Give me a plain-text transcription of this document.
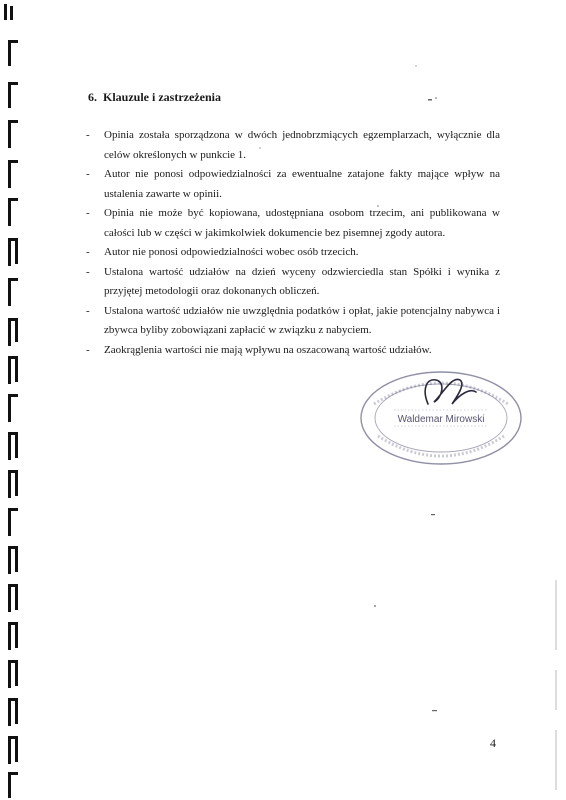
6. Klauzule i zastrzeżenia
- Opinia została sporządzona w dwóch jednobrzmiących egzemplarzach, wyłącznie dla celów określonych w punkcie 1.
- Autor nie ponosi odpowiedzialności za ewentualne zatajone fakty mające wpływ na ustalenia zawarte w opinii.
- Opinia nie może być kopiowana, udostępniana osobom trzecim, ani publikowana w całości lub w części w jakimkolwiek dokumencie bez pisemnej zgody autora.
- Autor nie ponosi odpowiedzialności wobec osób trzecich.
- Ustalona wartość udziałów na dzień wyceny odzwierciedla stan Spółki i wynika z przyjętej metodologii oraz dokonanych obliczeń.
- Ustalona wartość udziałów nie uwzględnia podatków i opłat, jakie potencjalny nabywca i zbywca byliby zobowiązani zapłacić w związku z nabyciem.
- Zaokrąglenia wartości nie mają wpływu na oszacowaną wartość udziałów.
Waldemar Mirowski
4
